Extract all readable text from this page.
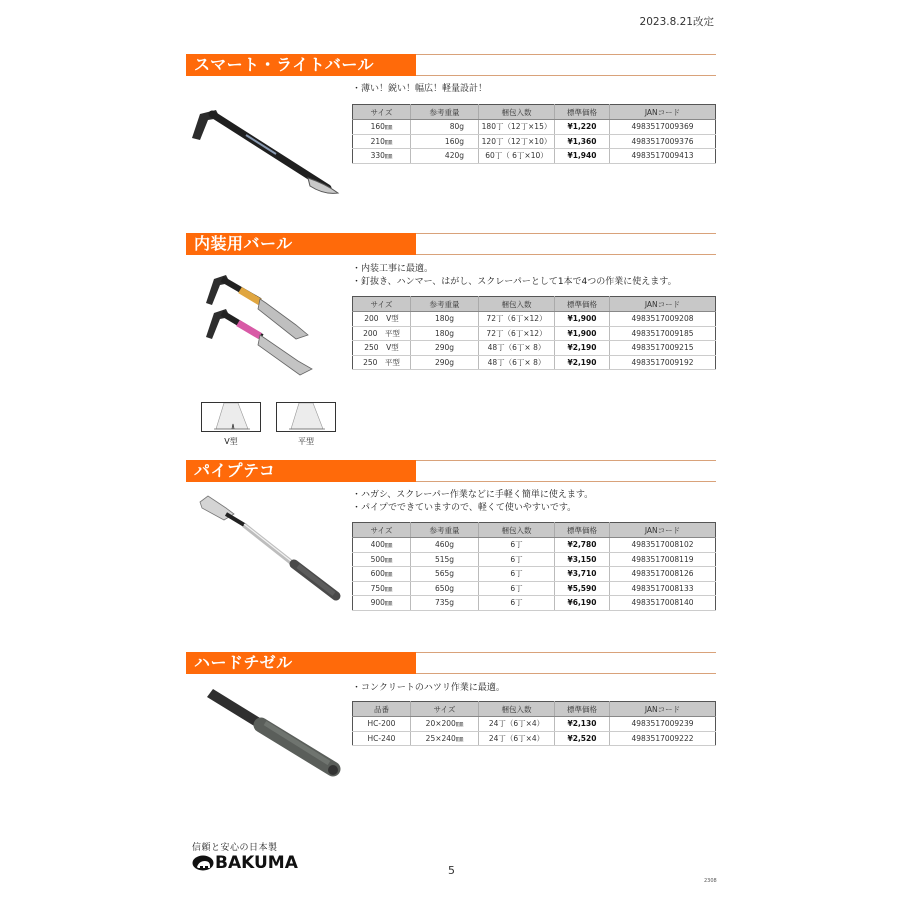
2023.8.21改定
スマート・ライトバール
・薄い！鋭い！幅広！軽量設計！
サイズ	参考重量	梱包入数	標準価格	JANコード
160㎜	80g	180丁（12丁×15）	¥1,220	4983517009369
210㎜	160g	120丁（12丁×10）	¥1,360	4983517009376
330㎜	420g	60丁（ 6丁×10）	¥1,940	4983517009413
内装用バール
・内装工事に最適。
・釘抜き、ハンマー、はがし、スクレーパーとして1本で4つの作業に使えます。
サイズ	参考重量	梱包入数	標準価格	JANコード
200　V型	180g	72丁（6丁×12）	¥1,900	4983517009208
200　平型	180g	72丁（6丁×12）	¥1,900	4983517009185
250　V型	290g	48丁（6丁× 8）	¥2,190	4983517009215
250　平型	290g	48丁（6丁× 8）	¥2,190	4983517009192
V型	平型
パイプテコ
・ハガシ、スクレーパー作業などに手軽く簡単に使えます。
・パイプでできていますので、軽くて使いやすいです。
サイズ	参考重量	梱包入数	標準価格	JANコード
400㎜	460g	6丁	¥2,780	4983517008102
500㎜	515g	6丁	¥3,150	4983517008119
600㎜	565g	6丁	¥3,710	4983517008126
750㎜	650g	6丁	¥5,590	4983517008133
900㎜	735g	6丁	¥6,190	4983517008140
ハードチゼル
・コンクリートのハツリ作業に最適。
品番	サイズ	梱包入数	標準価格	JANコード
HC-200	20×200㎜	24丁（6丁×4）	¥2,130	4983517009239
HC-240	25×240㎜	24丁（6丁×4）	¥2,520	4983517009222
信頼と安心の日本製
BAKUMA	5
2308
